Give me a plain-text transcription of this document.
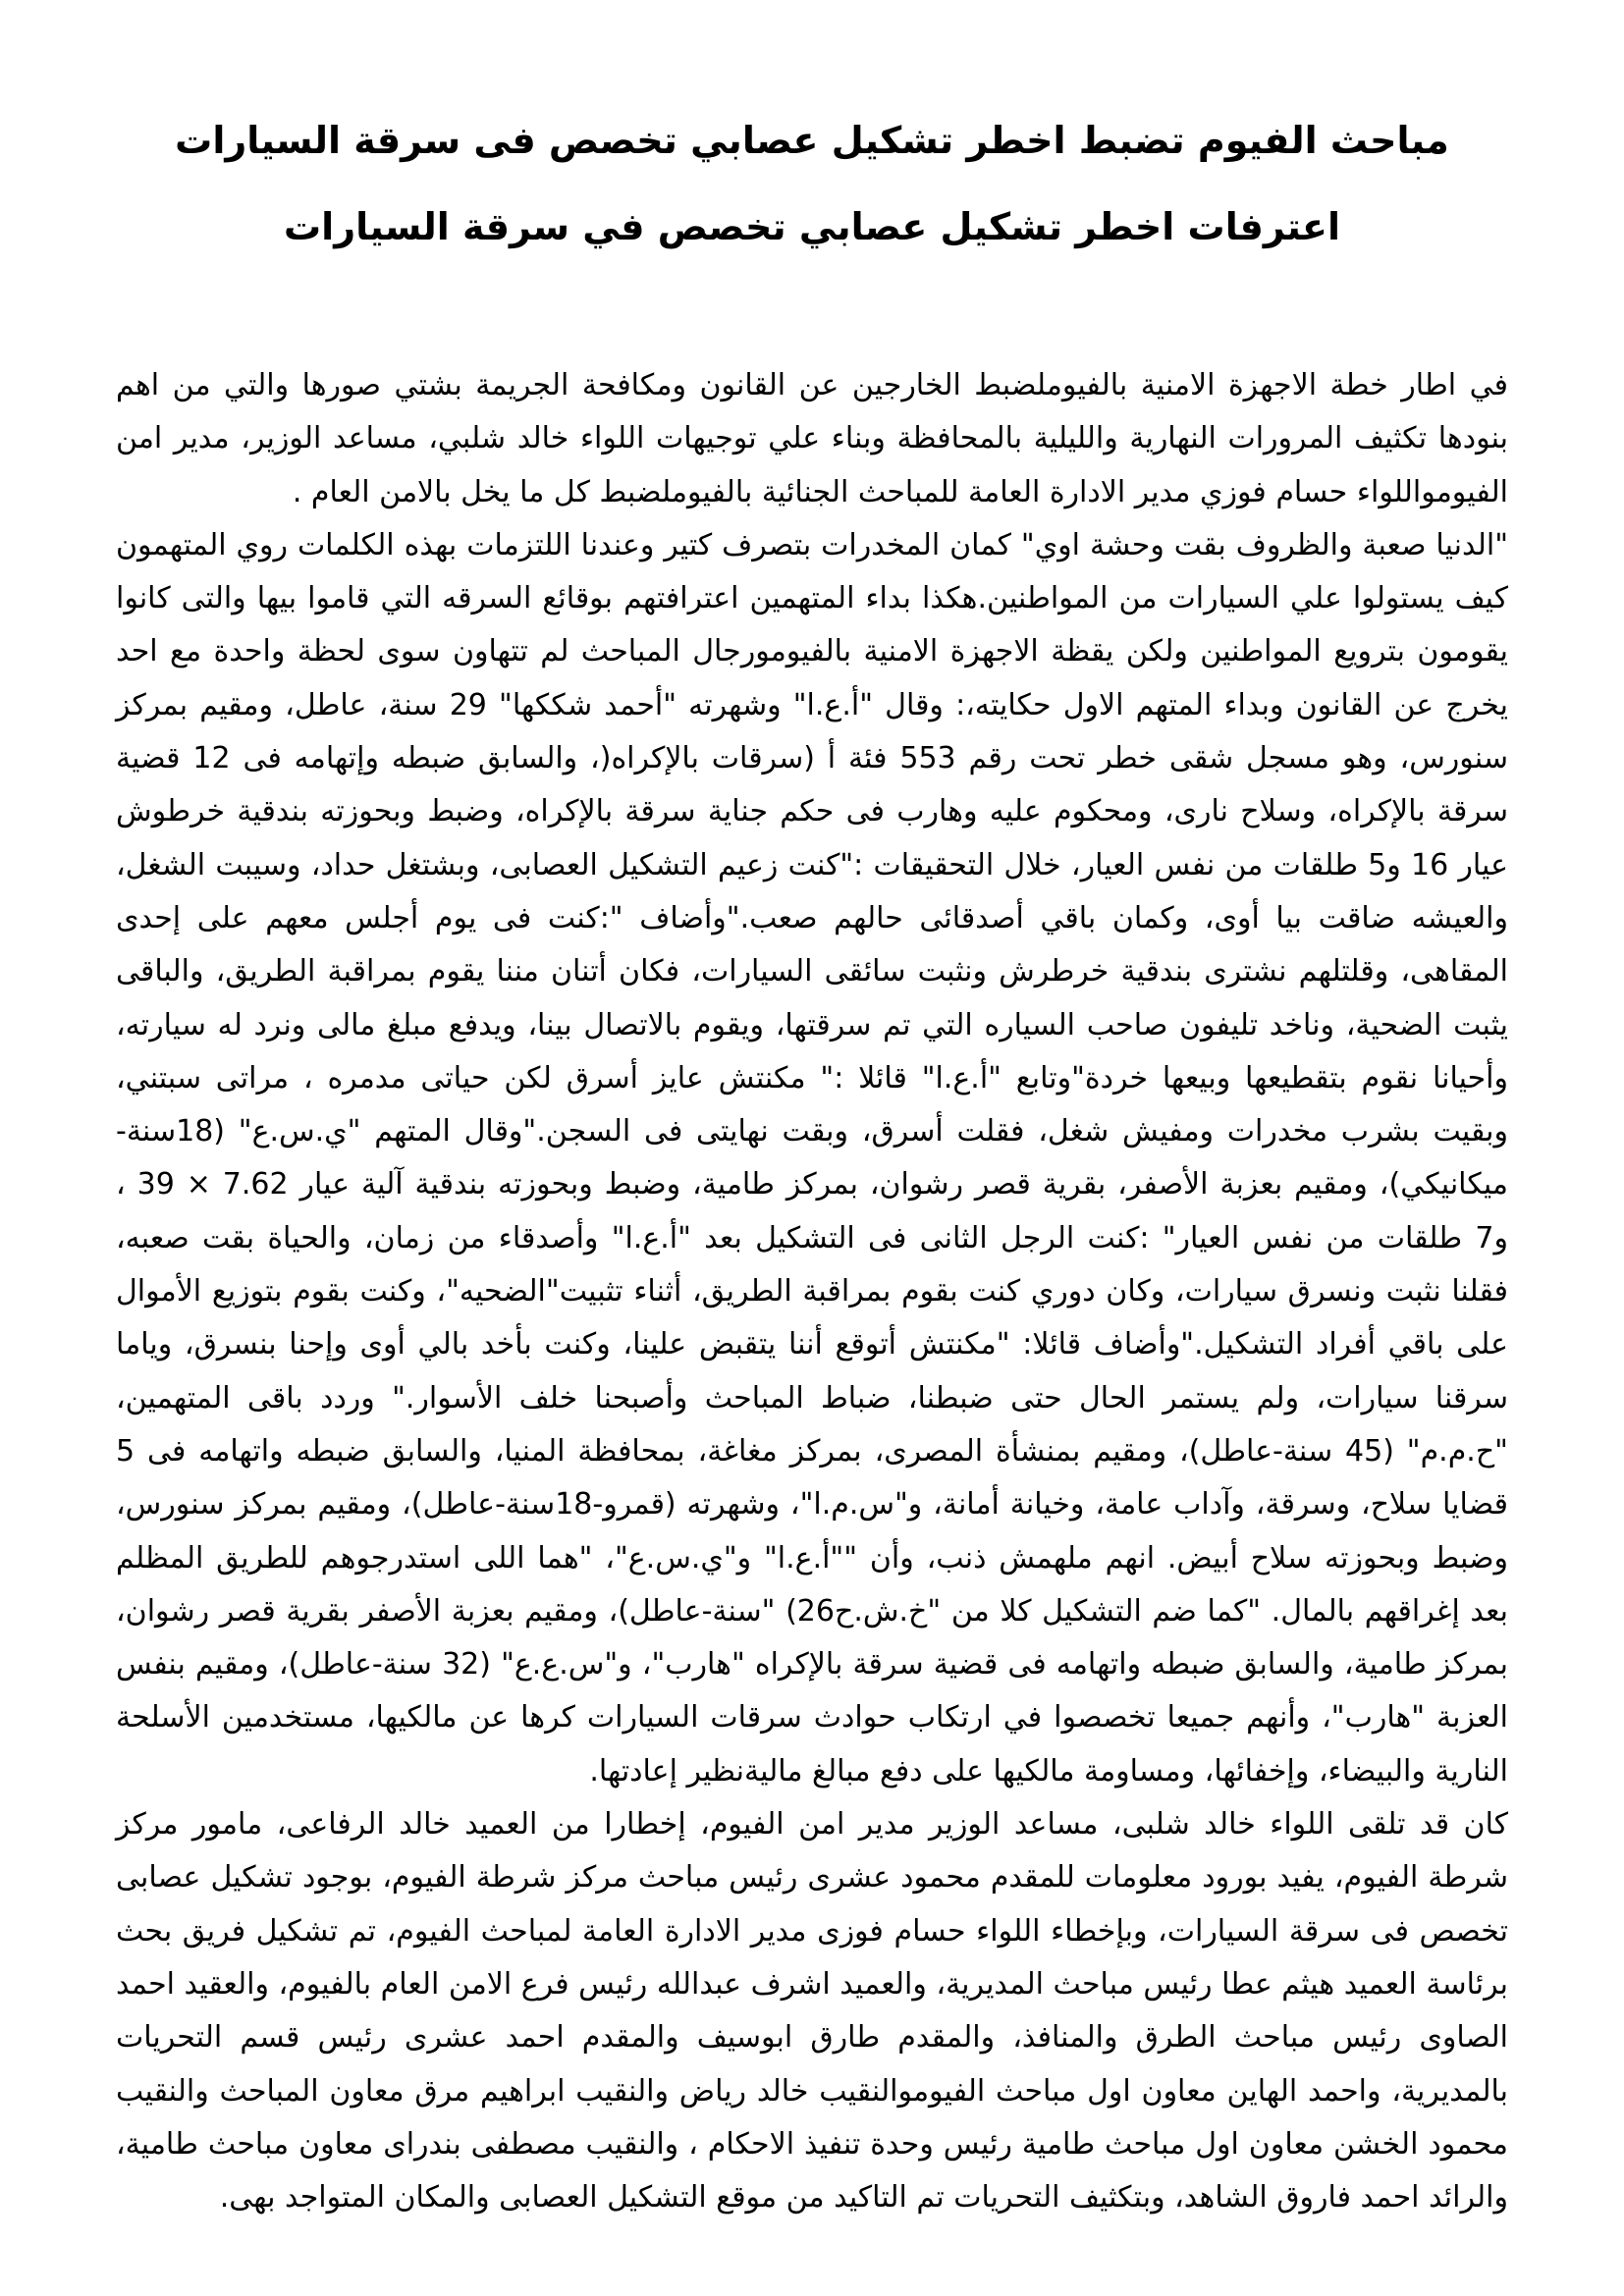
مباحث الفيوم تضبط اخطر تشكيل عصابي تخصص فى سرقة السيارات
اعترفات اخطر تشكيل عصابي تخصص في سرقة السيارات

في اطار خطة الاجهزة الامنية بالفيوملضبط الخارجين عن القانون ومكافحة الجريمة بشتي صورها والتي من اهم بنودها تكثيف المرورات النهارية والليلية بالمحافظة وبناء علي توجيهات اللواء خالد شلبي، مساعد الوزير، مدير امن الفيومواللواء حسام فوزي مدير الادارة العامة للمباحث الجنائية بالفيوملضبط كل ما يخل بالامن العام .

"الدنيا صعبة والظروف بقت وحشة اوي" كمان المخدرات بتصرف كتير وعندنا اللتزمات بهذه الكلمات روي المتهمون كيف يستولوا علي السيارات من المواطنين.هكذا بداء المتهمين اعترافتهم بوقائع السرقه التي قاموا بيها والتى كانوا يقومون بترويع المواطنين ولكن يقظة الاجهزة الامنية بالفيومورجال المباحث لم تتهاون سوى لحظة واحدة مع احد يخرج عن القانون وبداء المتهم الاول حكايته،: وقال "أ.ع.ا" وشهرته "أحمد شككها" 29 سنة، عاطل، ومقيم بمركز سنورس، وهو مسجل شقى خطر تحت رقم 553 فئة أ (سرقات بالإكراه(، والسابق ضبطه وإتهامه فى 12 قضية سرقة بالإكراه، وسلاح نارى، ومحكوم عليه وهارب فى حكم جناية سرقة بالإكراه، وضبط وبحوزته بندقية خرطوش عيار 16 و5 طلقات من نفس العيار، خلال التحقيقات :"كنت زعيم التشكيل العصابى، وبشتغل حداد، وسيبت الشغل، والعيشه ضاقت بيا أوى، وكمان باقي أصدقائى حالهم صعب."وأضاف ":كنت فى يوم أجلس معهم على إحدى المقاهى، وقلتلهم نشترى بندقية خرطرش ونثبت سائقى السيارات، فكان أتنان مننا يقوم بمراقبة الطريق، والباقى يثبت الضحية، وناخد تليفون صاحب السياره التي تم سرقتها، ويقوم بالاتصال بينا، ويدفع مبلغ مالى ونرد له سيارته، وأحيانا نقوم بتقطيعها وبيعها خردة"وتابع "أ.ع.ا" قائلا :" مكنتش عايز أسرق لكن حياتى مدمره ، مراتى سبتني، وبقيت بشرب مخدرات ومفيش شغل، فقلت أسرق، وبقت نهايتى فى السجن."وقال المتهم "ي.س.ع" (18سنة-ميكانيكي)، ومقيم بعزبة الأصفر، بقرية قصر رشوان، بمركز طامية، وضبط وبحوزته بندقية آلية عيار 7.62 × 39 ، و7 طلقات من نفس العيار" :كنت الرجل الثانى فى التشكيل بعد "أ.ع.ا" وأصدقاء من زمان، والحياة بقت صعبه، فقلنا نثبت ونسرق سيارات، وكان دوري كنت بقوم بمراقبة الطريق، أثناء تثبيت"الضحيه"، وكنت بقوم بتوزيع الأموال على باقي أفراد التشكيل."وأضاف قائلا: "مكنتش أتوقع أننا يتقبض علينا، وكنت بأخد بالي أوى وإحنا بنسرق، وياما سرقنا سيارات، ولم يستمر الحال حتى ضبطنا، ضباط المباحث وأصبحنا خلف الأسوار." وردد باقى المتهمين، "ح.م.م" (45 سنة-عاطل)، ومقيم بمنشأة المصرى، بمركز مغاغة، بمحافظة المنيا، والسابق ضبطه واتهامه فى 5 قضايا سلاح، وسرقة، وآداب عامة، وخيانة أمانة، و"س.م.ا"، وشهرته (قمرو-18سنة-عاطل)، ومقيم بمركز سنورس، وضبط وبحوزته سلاح أبيض. انهم ملهمش ذنب، وأن ""أ.ع.ا" و"ي.س.ع"، "هما اللى استدرجوهم للطريق المظلم بعد إغراقهم بالمال. "كما ضم التشكيل كلا من "خ.ش.ح26) "سنة-عاطل)، ومقيم بعزبة الأصفر بقرية قصر رشوان، بمركز طامية، والسابق ضبطه واتهامه فى قضية سرقة بالإكراه "هارب"، و"س.ع.ع" (32 سنة-عاطل)، ومقيم بنفس العزبة "هارب"، وأنهم جميعا تخصصوا في ارتكاب حوادث سرقات السيارات كرها عن مالكيها، مستخدمين الأسلحة النارية والبيضاء، وإخفائها، ومساومة مالكيها على دفع مبالغ ماليةنظير إعادتها.

كان قد تلقى اللواء خالد شلبى، مساعد الوزير مدير امن الفيوم، إخطارا من العميد خالد الرفاعى، مامور مركز شرطة الفيوم، يفيد بورود معلومات للمقدم محمود عشرى رئيس مباحث مركز شرطة الفيوم، بوجود تشكيل عصابى تخصص فى سرقة السيارات، وبإخطاء اللواء حسام فوزى مدير الادارة العامة لمباحث الفيوم، تم تشكيل فريق بحث برئاسة العميد هيثم عطا رئيس مباحث المديرية، والعميد اشرف عبدالله رئيس فرع الامن العام بالفيوم، والعقيد احمد الصاوى رئيس مباحث الطرق والمنافذ، والمقدم طارق ابوسيف والمقدم احمد عشرى رئيس قسم التحريات بالمديرية، واحمد الهاين معاون اول مباحث الفيوموالنقيب خالد رياض والنقيب ابراهيم مرق معاون المباحث والنقيب محمود الخشن معاون اول مباحث طامية رئيس وحدة تنفيذ الاحكام ، والنقيب مصطفى بندراى معاون مباحث طامية، والرائد احمد فاروق الشاهد، وبتكثيف التحريات تم التاكيد من موقع التشكيل العصابى والمكان المتواجد بهى.
